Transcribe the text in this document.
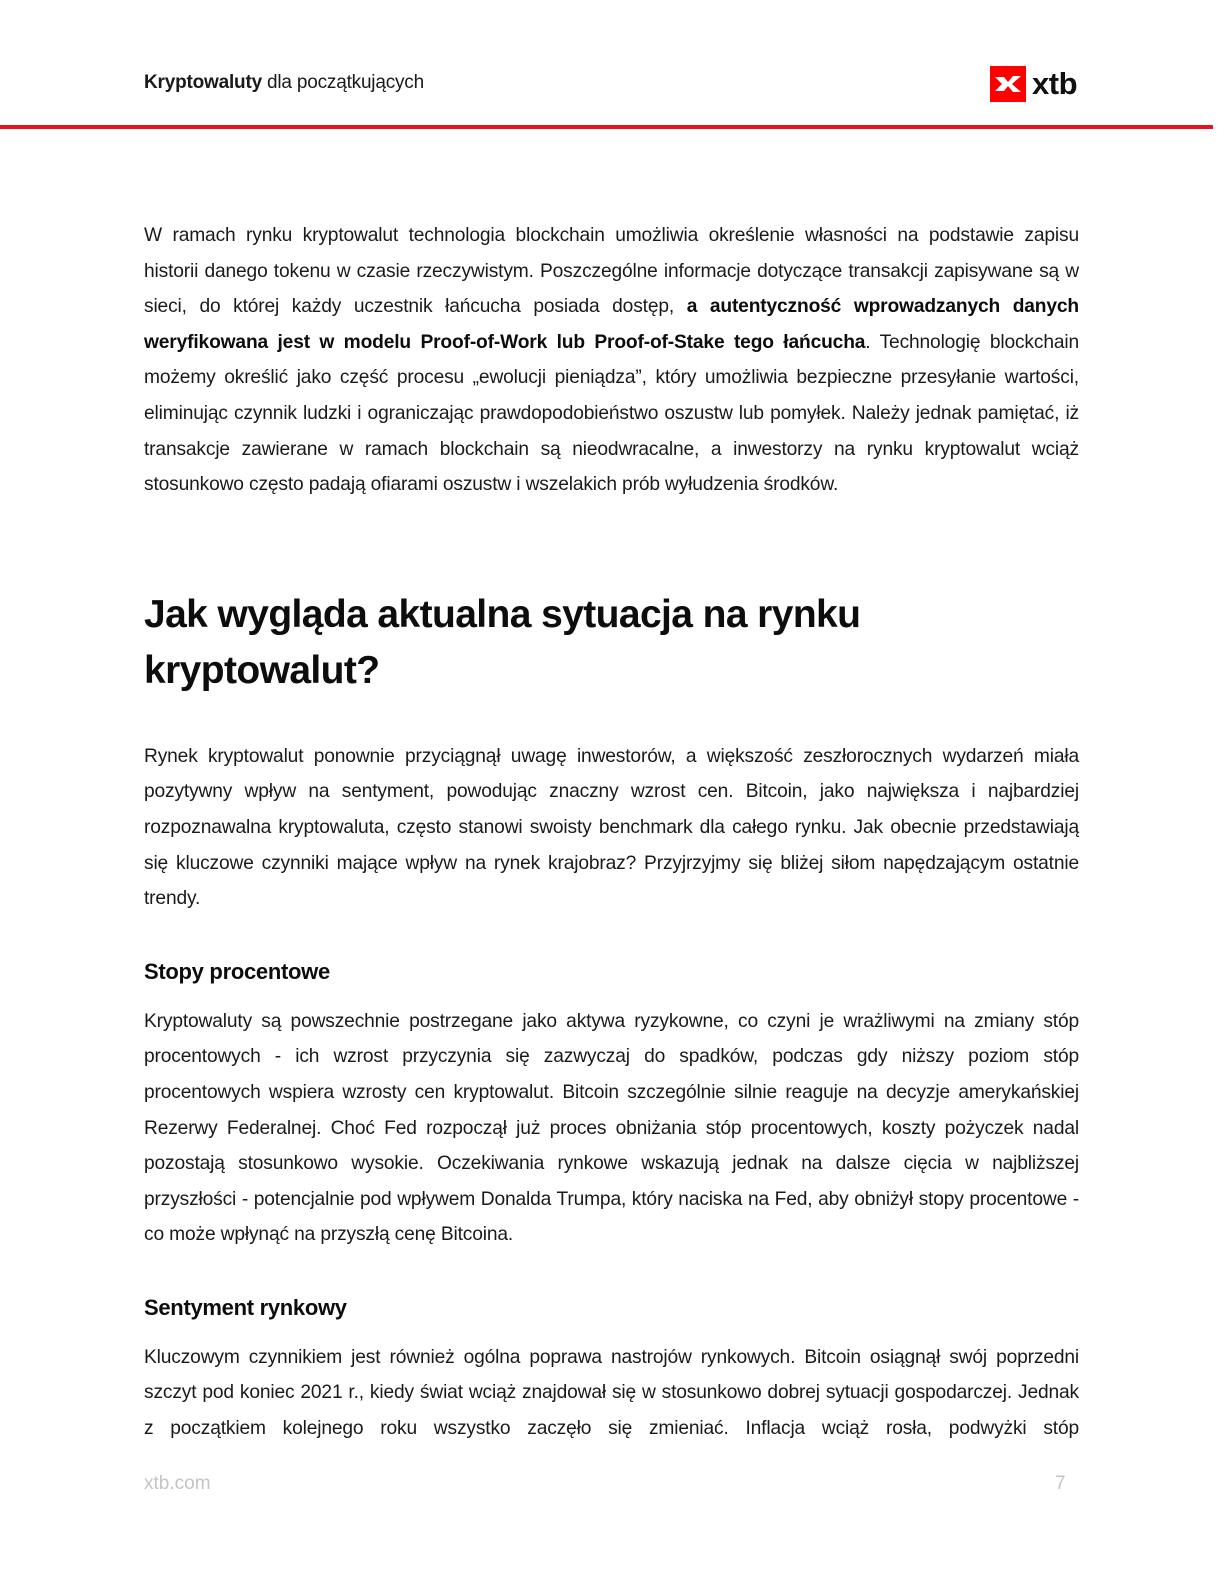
Kryptowaluty dla początkujących	xtb

W ramach rynku kryptowalut technologia blockchain umożliwia określenie własności na podstawie zapisu historii danego tokenu w czasie rzeczywistym. Poszczególne informacje dotyczące transakcji zapisywane są w sieci, do której każdy uczestnik łańcucha posiada dostęp, a autentyczność wprowadzanych danych weryfikowana jest w modelu Proof-of-Work lub Proof-of-Stake tego łańcucha. Technologię blockchain możemy określić jako część procesu „ewolucji pieniądza”, który umożliwia bezpieczne przesyłanie wartości, eliminując czynnik ludzki i ograniczając prawdopodobieństwo oszustw lub pomyłek. Należy jednak pamiętać, iż transakcje zawierane w ramach blockchain są nieodwracalne, a inwestorzy na rynku kryptowalut wciąż stosunkowo często padają ofiarami oszustw i wszelakich prób wyłudzenia środków.

Jak wygląda aktualna sytuacja na rynku kryptowalut?

Rynek kryptowalut ponownie przyciągnął uwagę inwestorów, a większość zeszłorocznych wydarzeń miała pozytywny wpływ na sentyment, powodując znaczny wzrost cen. Bitcoin, jako największa i najbardziej rozpoznawalna kryptowaluta, często stanowi swoisty benchmark dla całego rynku. Jak obecnie przedstawiają się kluczowe czynniki mające wpływ na rynek krajobraz? Przyjrzyjmy się bliżej siłom napędzającym ostatnie trendy.

Stopy procentowe

Kryptowaluty są powszechnie postrzegane jako aktywa ryzykowne, co czyni je wrażliwymi na zmiany stóp procentowych - ich wzrost przyczynia się zazwyczaj do spadków, podczas gdy niższy poziom stóp procentowych wspiera wzrosty cen kryptowalut. Bitcoin szczególnie silnie reaguje na decyzje amerykańskiej Rezerwy Federalnej. Choć Fed rozpoczął już proces obniżania stóp procentowych, koszty pożyczek nadal pozostają stosunkowo wysokie. Oczekiwania rynkowe wskazują jednak na dalsze cięcia w najbliższej przyszłości - potencjalnie pod wpływem Donalda Trumpa, który naciska na Fed, aby obniżył stopy procentowe - co może wpłynąć na przyszłą cenę Bitcoina.

Sentyment rynkowy

Kluczowym czynnikiem jest również ogólna poprawa nastrojów rynkowych. Bitcoin osiągnął swój poprzedni szczyt pod koniec 2021 r., kiedy świat wciąż znajdował się w stosunkowo dobrej sytuacji gospodarczej. Jednak z początkiem kolejnego roku wszystko zaczęło się zmieniać. Inflacja wciąż rosła, podwyżki stóp

xtb.com	7
